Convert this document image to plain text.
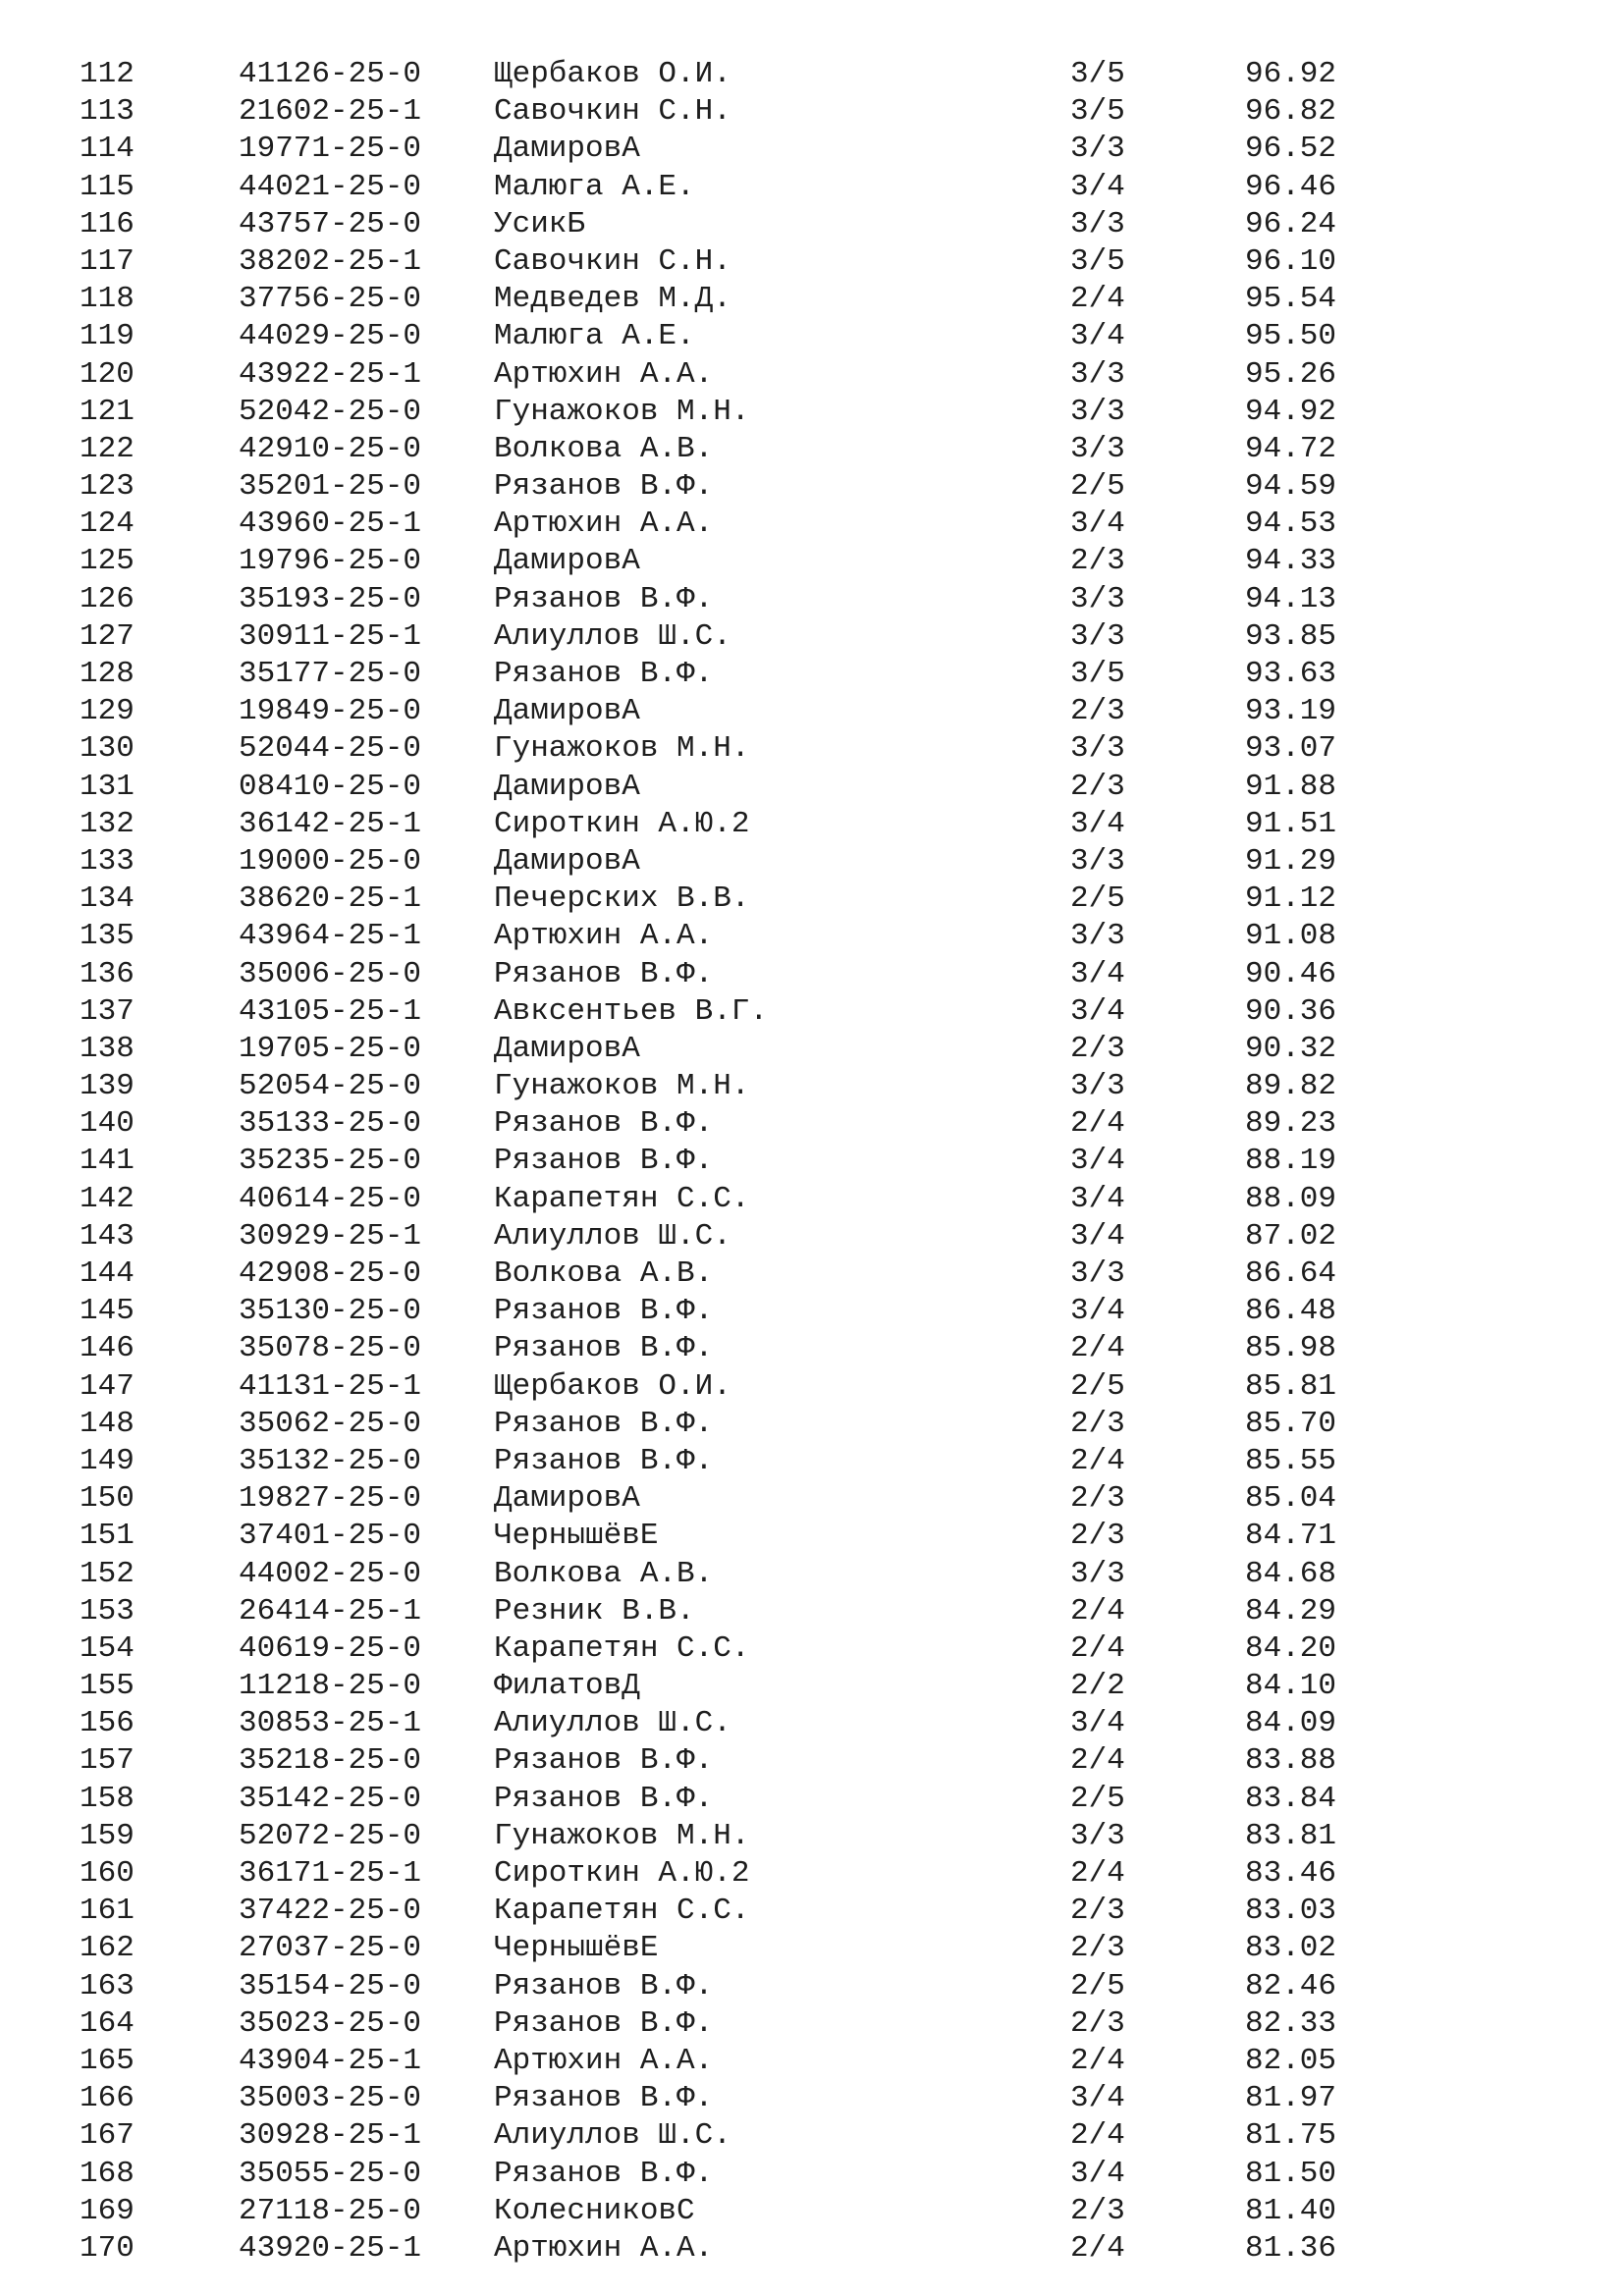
112	41126-25-0 Щербаков О.И.	3/5	96.92
113	21602-25-1 Савочкин С.Н.	3/5	96.82
114	19771-25-0 ДамировА	3/3	96.52
115	44021-25-0 Малюга А.Е.	3/4	96.46
116	43757-25-0 УсикБ	3/3	96.24
117	38202-25-1 Савочкин С.Н.	3/5	96.10
118	37756-25-0 Медведев М.Д.	2/4	95.54
119	44029-25-0 Малюга А.Е.	3/4	95.50
120	43922-25-1 Артюхин А.А.	3/3	95.26
121	52042-25-0 Гунажоков М.Н.	3/3	94.92
122	42910-25-0 Волкова А.В.	3/3	94.72
123	35201-25-0 Рязанов В.Ф.	2/5	94.59
124	43960-25-1 Артюхин А.А.	3/4	94.53
125	19796-25-0 ДамировА	2/3	94.33
126	35193-25-0 Рязанов В.Ф.	3/3	94.13
127	30911-25-1 Алиуллов Ш.С.	3/3	93.85
128	35177-25-0 Рязанов В.Ф.	3/5	93.63
129	19849-25-0 ДамировА	2/3	93.19
130	52044-25-0 Гунажоков М.Н.	3/3	93.07
131	08410-25-0 ДамировА	2/3	91.88
132	36142-25-1 Сироткин А.Ю.2	3/4	91.51
133	19000-25-0 ДамировА	3/3	91.29
134	38620-25-1 Печерских В.В.	2/5	91.12
135	43964-25-1 Артюхин А.А.	3/3	91.08
136	35006-25-0 Рязанов В.Ф.	3/4	90.46
137	43105-25-1 Авксентьев В.Г.	3/4	90.36
138	19705-25-0 ДамировА	2/3	90.32
139	52054-25-0 Гунажоков М.Н.	3/3	89.82
140	35133-25-0 Рязанов В.Ф.	2/4	89.23
141	35235-25-0 Рязанов В.Ф.	3/4	88.19
142	40614-25-0 Карапетян С.С.	3/4	88.09
143	30929-25-1 Алиуллов Ш.С.	3/4	87.02
144	42908-25-0 Волкова А.В.	3/3	86.64
145	35130-25-0 Рязанов В.Ф.	3/4	86.48
146	35078-25-0 Рязанов В.Ф.	2/4	85.98
147	41131-25-1 Щербаков О.И.	2/5	85.81
148	35062-25-0 Рязанов В.Ф.	2/3	85.70
149	35132-25-0 Рязанов В.Ф.	2/4	85.55
150	19827-25-0 ДамировА	2/3	85.04
151	37401-25-0 ЧернышёвЕ	2/3	84.71
152	44002-25-0 Волкова А.В.	3/3	84.68
153	26414-25-1 Резник В.В.	2/4	84.29
154	40619-25-0 Карапетян С.С.	2/4	84.20
155	11218-25-0 ФилатовД	2/2	84.10
156	30853-25-1 Алиуллов Ш.С.	3/4	84.09
157	35218-25-0 Рязанов В.Ф.	2/4	83.88
158	35142-25-0 Рязанов В.Ф.	2/5	83.84
159	52072-25-0 Гунажоков М.Н.	3/3	83.81
160	36171-25-1 Сироткин А.Ю.2	2/4	83.46
161	37422-25-0 Карапетян С.С.	2/3	83.03
162	27037-25-0 ЧернышёвЕ	2/3	83.02
163	35154-25-0 Рязанов В.Ф.	2/5	82.46
164	35023-25-0 Рязанов В.Ф.	2/3	82.33
165	43904-25-1 Артюхин А.А.	2/4	82.05
166	35003-25-0 Рязанов В.Ф.	3/4	81.97
167	30928-25-1 Алиуллов Ш.С.	2/4	81.75
168	35055-25-0 Рязанов В.Ф.	3/4	81.50
169	27118-25-0 КолесниковС	2/3	81.40
170	43920-25-1 Артюхин А.А.	2/4	81.36
